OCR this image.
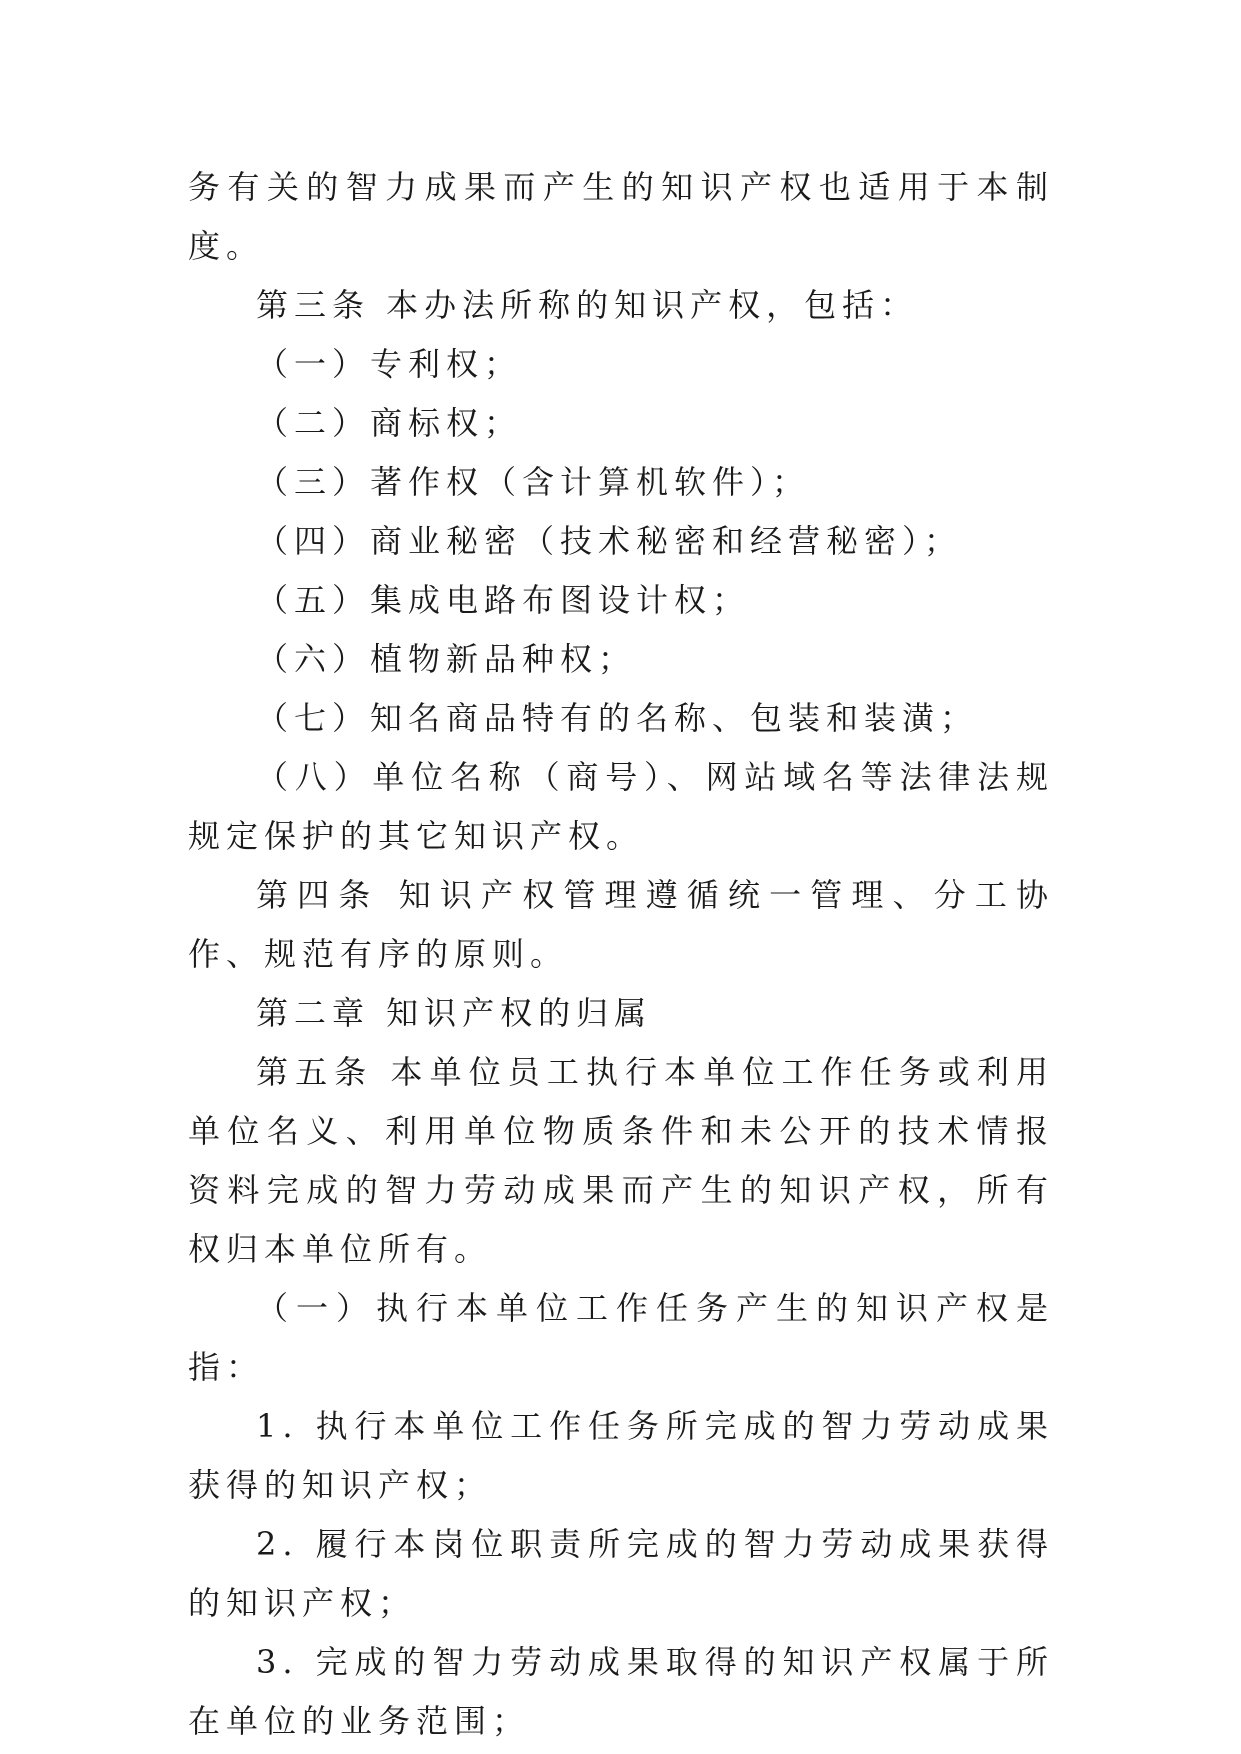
务有关的智力成果而产生的知识产权也适用于本制度。

第三条 本办法所称的知识产权，包括：

（一）专利权；

（二）商标权；

（三）著作权（含计算机软件）；

（四）商业秘密（技术秘密和经营秘密）；

（五）集成电路布图设计权；

（六）植物新品种权；

（七）知名商品特有的名称、包装和装潢；

（八）单位名称（商号）、网站域名等法律法规规定保护的其它知识产权。

第四条 知识产权管理遵循统一管理、分工协作、规范有序的原则。

第二章 知识产权的归属

第五条 本单位员工执行本单位工作任务或利用单位名义、利用单位物质条件和未公开的技术情报资料完成的智力劳动成果而产生的知识产权，所有权归本单位所有。

（一）执行本单位工作任务产生的知识产权是指：

1. 执行本单位工作任务所完成的智力劳动成果获得的知识产权；

2. 履行本岗位职责所完成的智力劳动成果获得的知识产权；

3. 完成的智力劳动成果取得的知识产权属于所在单位的业务范围；
